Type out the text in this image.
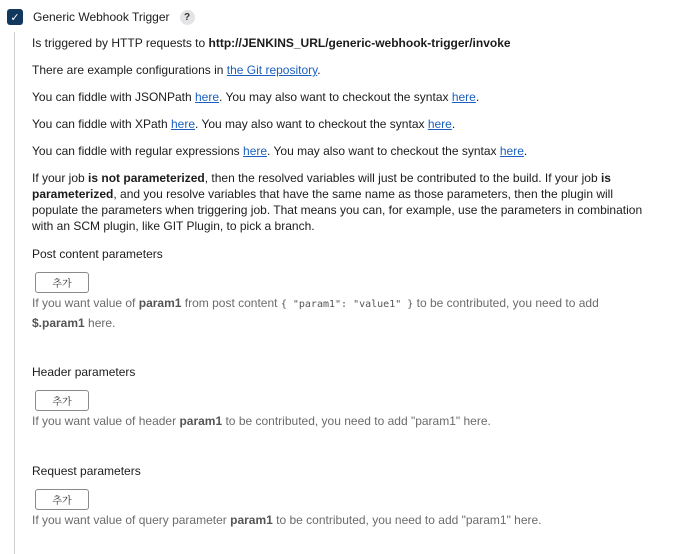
✓ Generic Webhook Trigger	?

Is triggered by HTTP requests to http://JENKINS_URL/generic-webhook-trigger/invoke

There are example configurations in the Git repository.

You can fiddle with JSONPath here. You may also want to checkout the syntax here.

You can fiddle with XPath here. You may also want to checkout the syntax here.

You can fiddle with regular expressions here. You may also want to checkout the syntax here.

If your job is not parameterized, then the resolved variables will just be contributed to the build. If your job is parameterized, and you resolve variables that have the same name as those parameters, then the plugin will populate the parameters when triggering job. That means you can, for example, use the parameters in combination with an SCM plugin, like GIT Plugin, to pick a branch.

Post content parameters
추가
If you want value of param1 from post content { "param1": "value1" } to be contributed, you need to add $.param1 here.
Header parameters
추가
If you want value of header param1 to be contributed, you need to add "param1" here.
Request parameters
추가
If you want value of query parameter param1 to be contributed, you need to add "param1" here.
